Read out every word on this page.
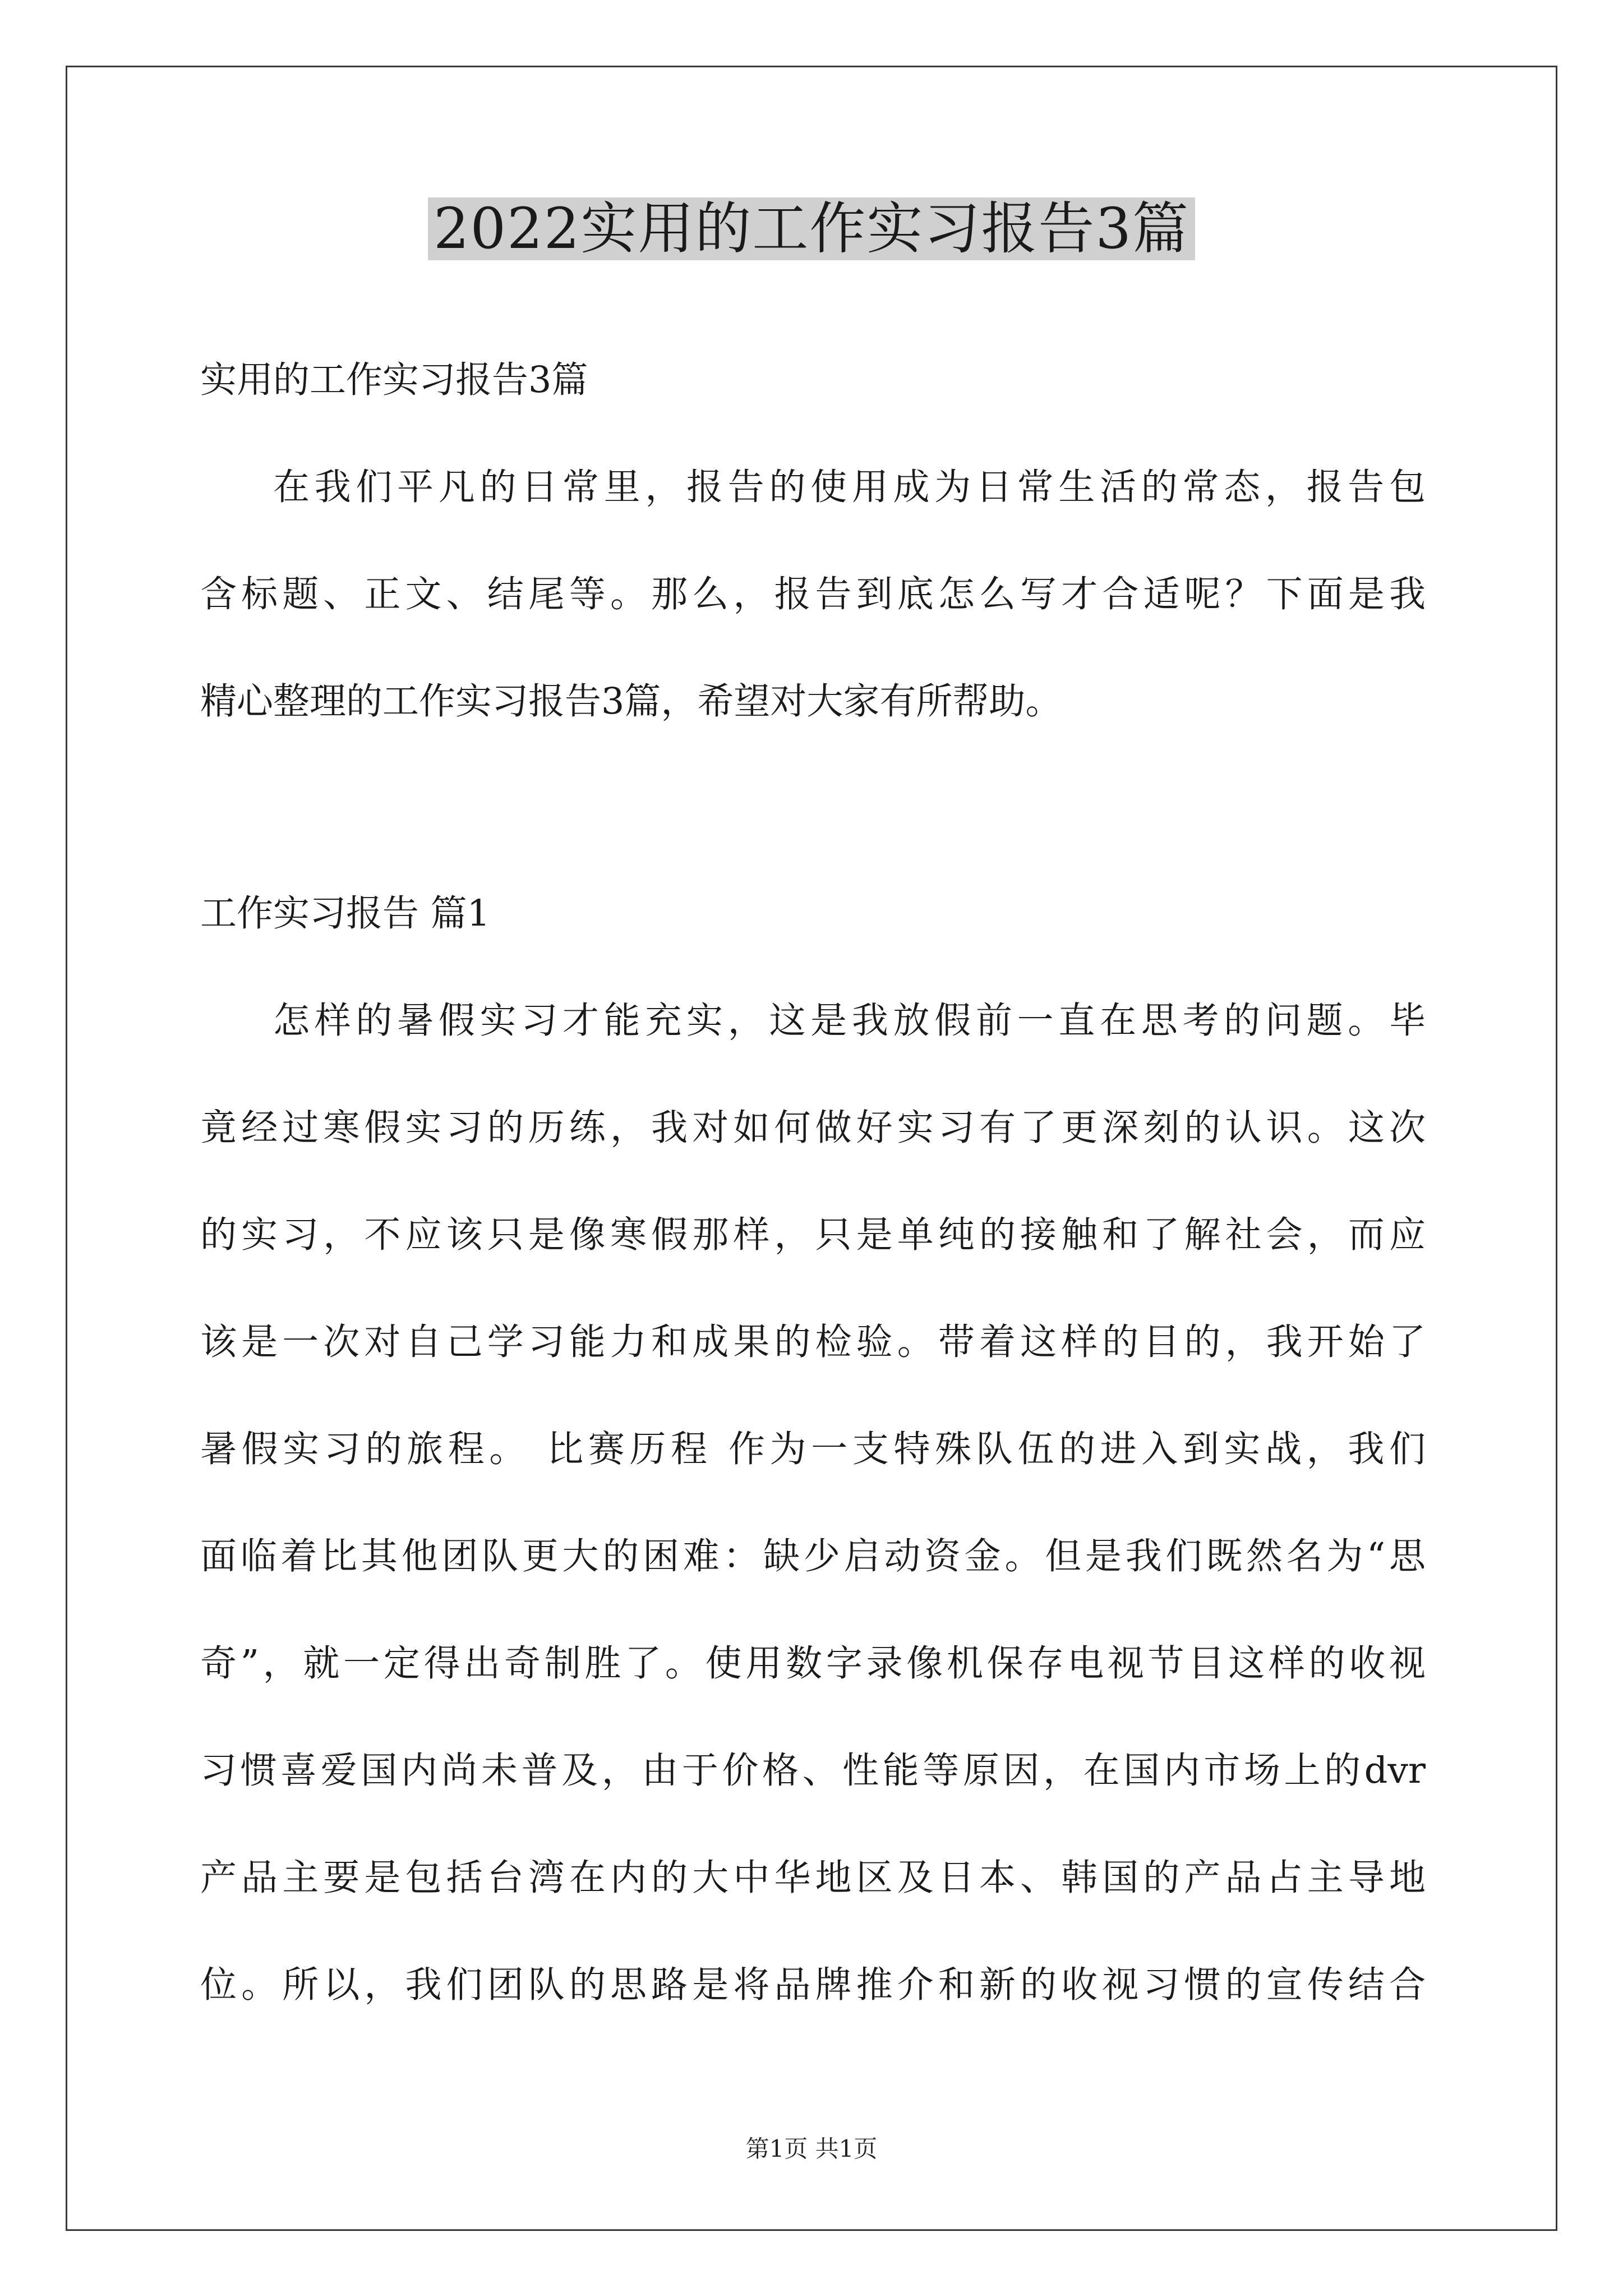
2022实用的工作实习报告3篇
实用的工作实习报告3篇
在我们平凡的日常里，报告的使用成为日常生活的常态，报告包
含标题、正文、结尾等。那么，报告到底怎么写才合适呢？下面是我
精心整理的工作实习报告3篇，希望对大家有所帮助。
工作实习报告 篇1
怎样的暑假实习才能充实，这是我放假前一直在思考的问题。毕
竟经过寒假实习的历练，我对如何做好实习有了更深刻的认识。这次
的实习，不应该只是像寒假那样，只是单纯的接触和了解社会，而应
该是一次对自己学习能力和成果的检验。带着这样的目的，我开始了
暑假实习的旅程。 比赛历程 作为一支特殊队伍的进入到实战，我们
面临着比其他团队更大的困难：缺少启动资金。但是我们既然名为“思
奇”，就一定得出奇制胜了。使用数字录像机保存电视节目这样的收视
习惯喜爱国内尚未普及，由于价格、性能等原因，在国内市场上的dvr
产品主要是包括台湾在内的大中华地区及日本、韩国的产品占主导地
位。所以，我们团队的思路是将品牌推介和新的收视习惯的宣传结合
第1页 共1页
